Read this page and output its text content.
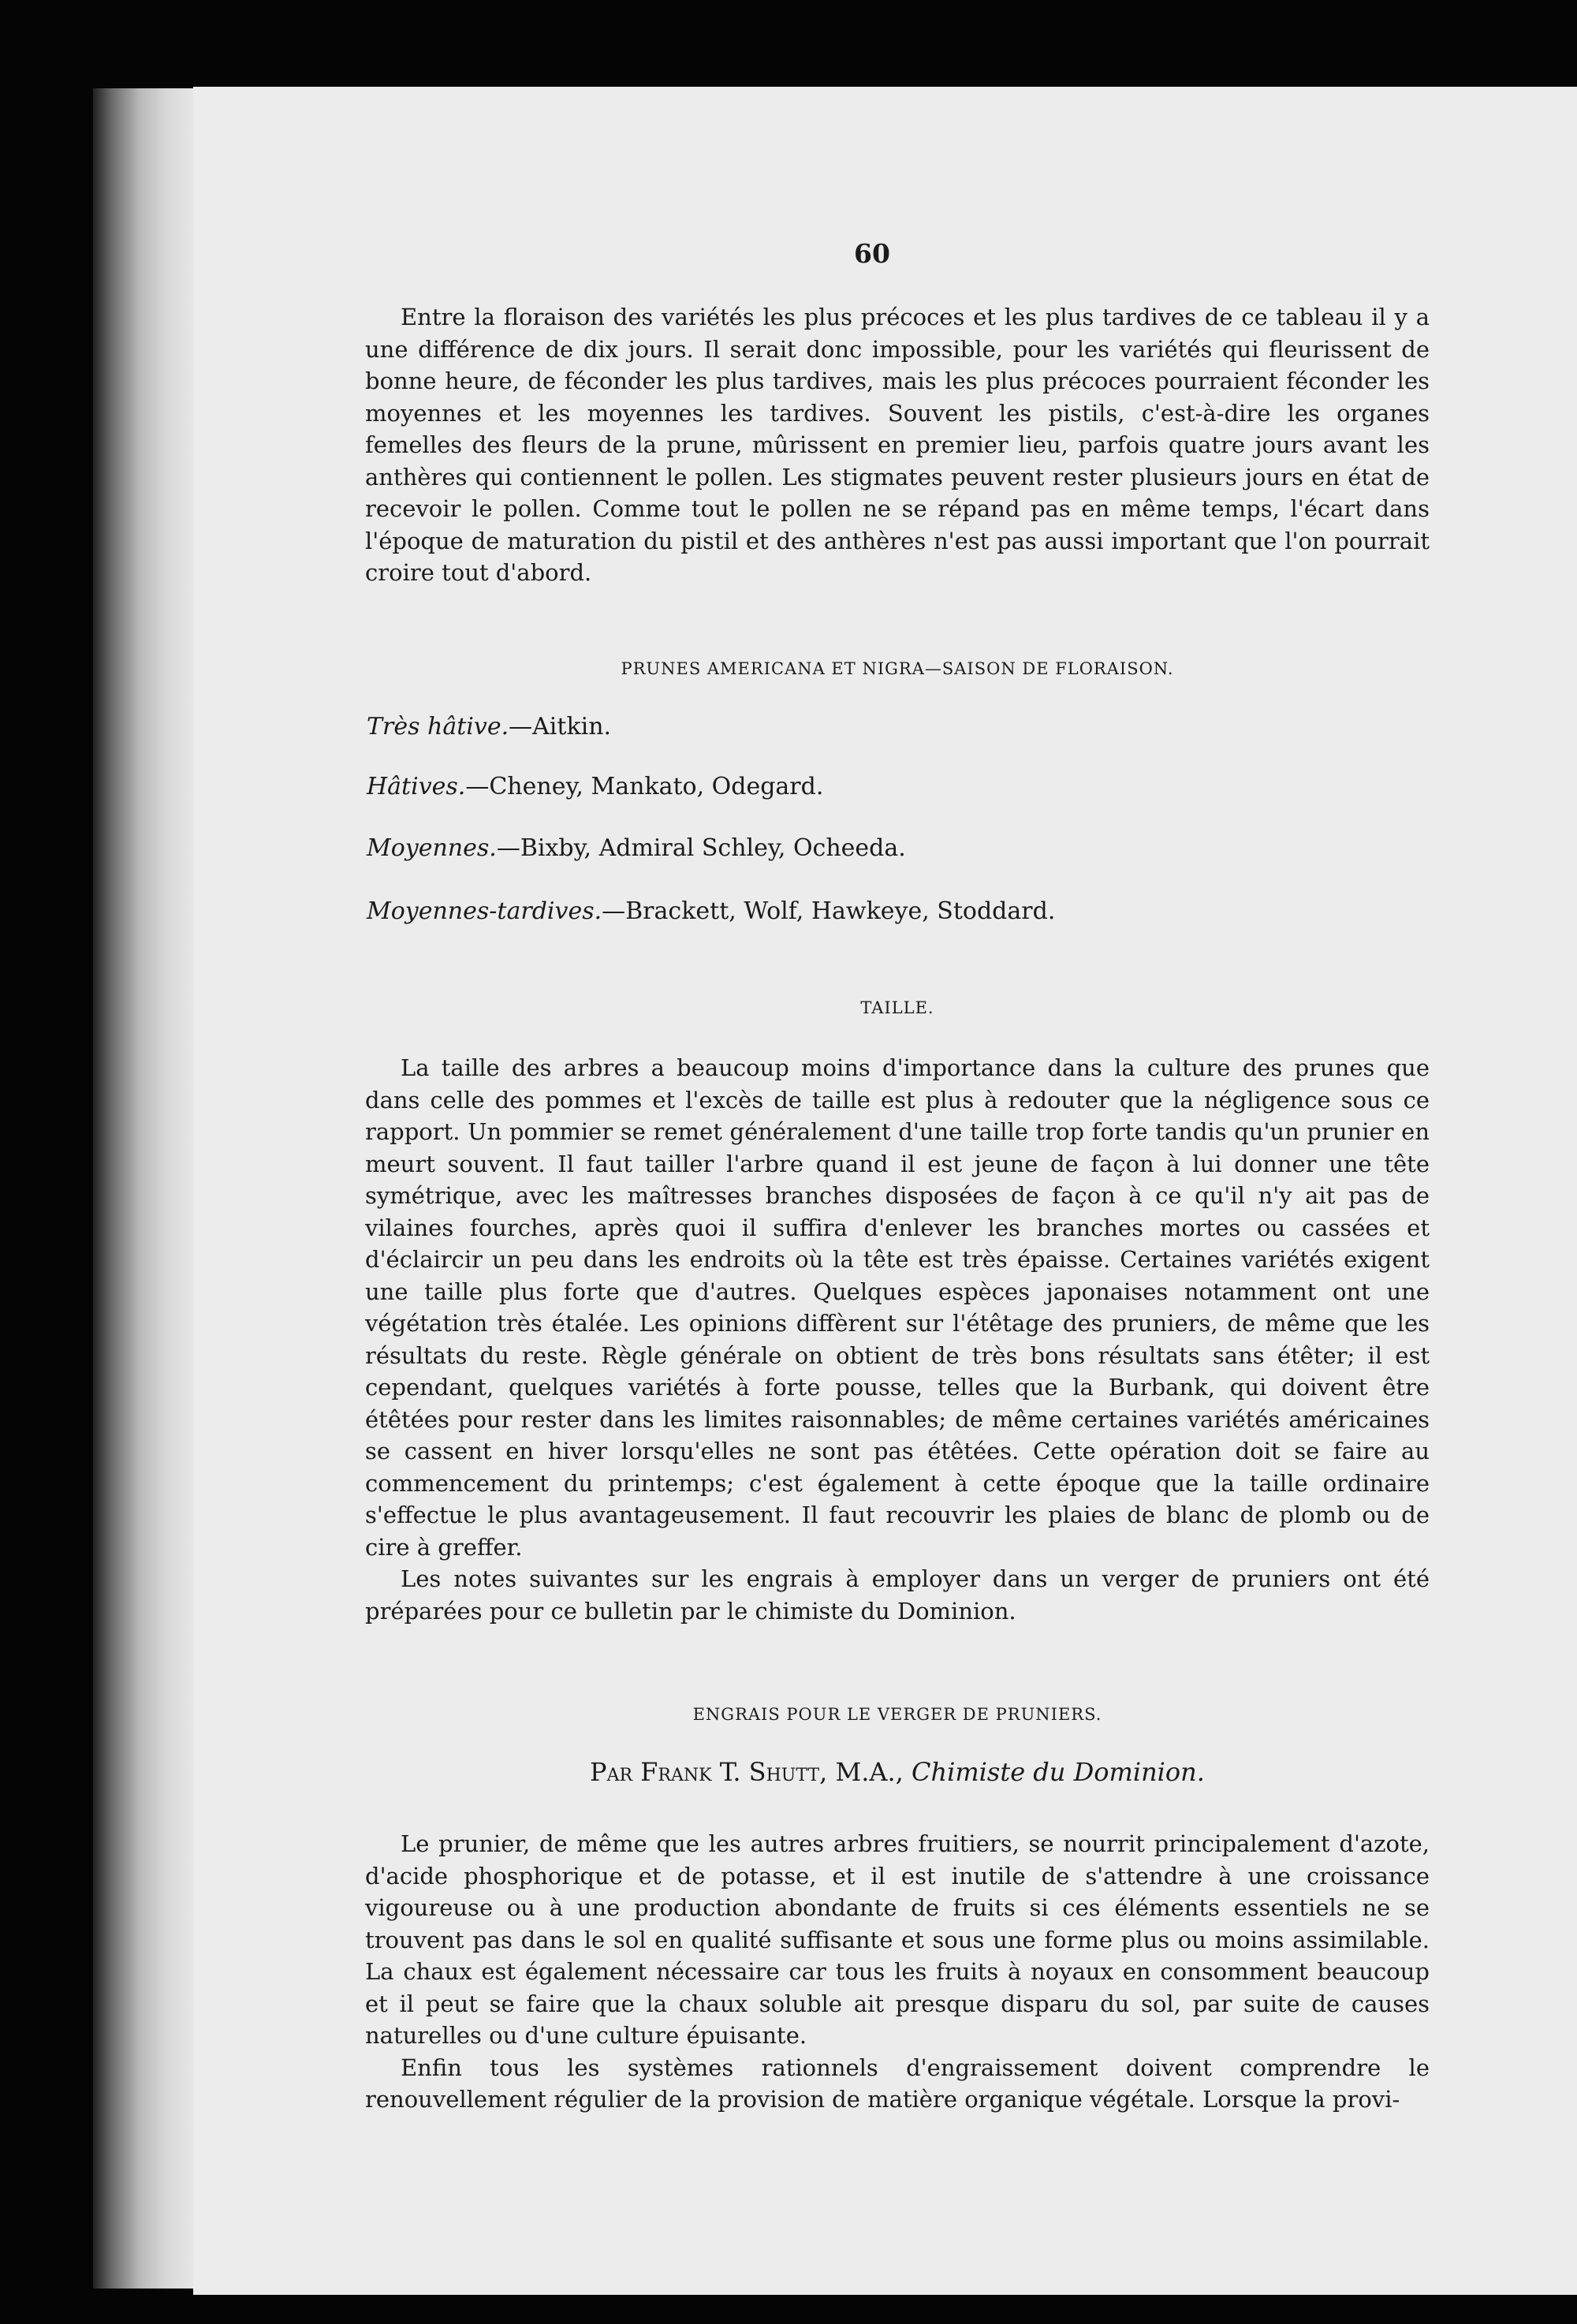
60

Entre la floraison des variétés les plus précoces et les plus tardives de ce tableau il y a une différence de dix jours. Il serait donc impossible, pour les variétés qui fleurissent de bonne heure, de féconder les plus tardives, mais les plus précoces pourraient féconder les moyennes et les moyennes les tardives. Souvent les pistils, c'est-à-dire les organes femelles des fleurs de la prune, mûrissent en premier lieu, parfois quatre jours avant les anthères qui contiennent le pollen. Les stigmates peuvent rester plusieurs jours en état de recevoir le pollen. Comme tout le pollen ne se répand pas en même temps, l'écart dans l'époque de maturation du pistil et des anthères n'est pas aussi important que l'on pourrait croire tout d'abord.

PRUNES AMERICANA ET NIGRA—SAISON DE FLORAISON.
Très hâtive.—Aitkin.
Hâtives.—Cheney, Mankato, Odegard.
Moyennes.—Bixby, Admiral Schley, Ocheeda.
Moyennes-tardives.—Brackett, Wolf, Hawkeye, Stoddard.
TAILLE.

La taille des arbres a beaucoup moins d'importance dans la culture des prunes que dans celle des pommes et l'excès de taille est plus à redouter que la négligence sous ce rapport. Un pommier se remet généralement d'une taille trop forte tandis qu'un prunier en meurt souvent. Il faut tailler l'arbre quand il est jeune de façon à lui donner une tête symétrique, avec les maîtresses branches disposées de façon à ce qu'il n'y ait pas de vilaines fourches, après quoi il suffira d'enlever les branches mortes ou cassées et d'éclaircir un peu dans les endroits où la tête est très épaisse. Certaines variétés exigent une taille plus forte que d'autres. Quelques espèces japonaises notamment ont une végétation très étalée. Les opinions diffèrent sur l'étêtage des pruniers, de même que les résultats du reste. Règle générale on obtient de très bons résultats sans étêter; il est cependant, quelques variétés à forte pousse, telles que la Burbank, qui doivent être étêtées pour rester dans les limites raisonnables; de même certaines variétés américaines se cassent en hiver lorsqu'elles ne sont pas étêtées. Cette opération doit se faire au commencement du printemps; c'est également à cette époque que la taille ordinaire s'effectue le plus avantageusement. Il faut recouvrir les plaies de blanc de plomb ou de cire à greffer.

Les notes suivantes sur les engrais à employer dans un verger de pruniers ont été préparées pour ce bulletin par le chimiste du Dominion.

ENGRAIS POUR LE VERGER DE PRUNIERS.
Par Frank T. Shutt, M.A., Chimiste du Dominion.

Le prunier, de même que les autres arbres fruitiers, se nourrit principalement d'azote, d'acide phosphorique et de potasse, et il est inutile de s'attendre à une croissance vigoureuse ou à une production abondante de fruits si ces éléments essentiels ne se trouvent pas dans le sol en qualité suffisante et sous une forme plus ou moins assimilable. La chaux est également nécessaire car tous les fruits à noyaux en consomment beaucoup et il peut se faire que la chaux soluble ait presque disparu du sol, par suite de causes naturelles ou d'une culture épuisante.

Enfin tous les systèmes rationnels d'engraissement doivent comprendre le renouvellement régulier de la provision de matière organique végétale. Lorsque la provi-
